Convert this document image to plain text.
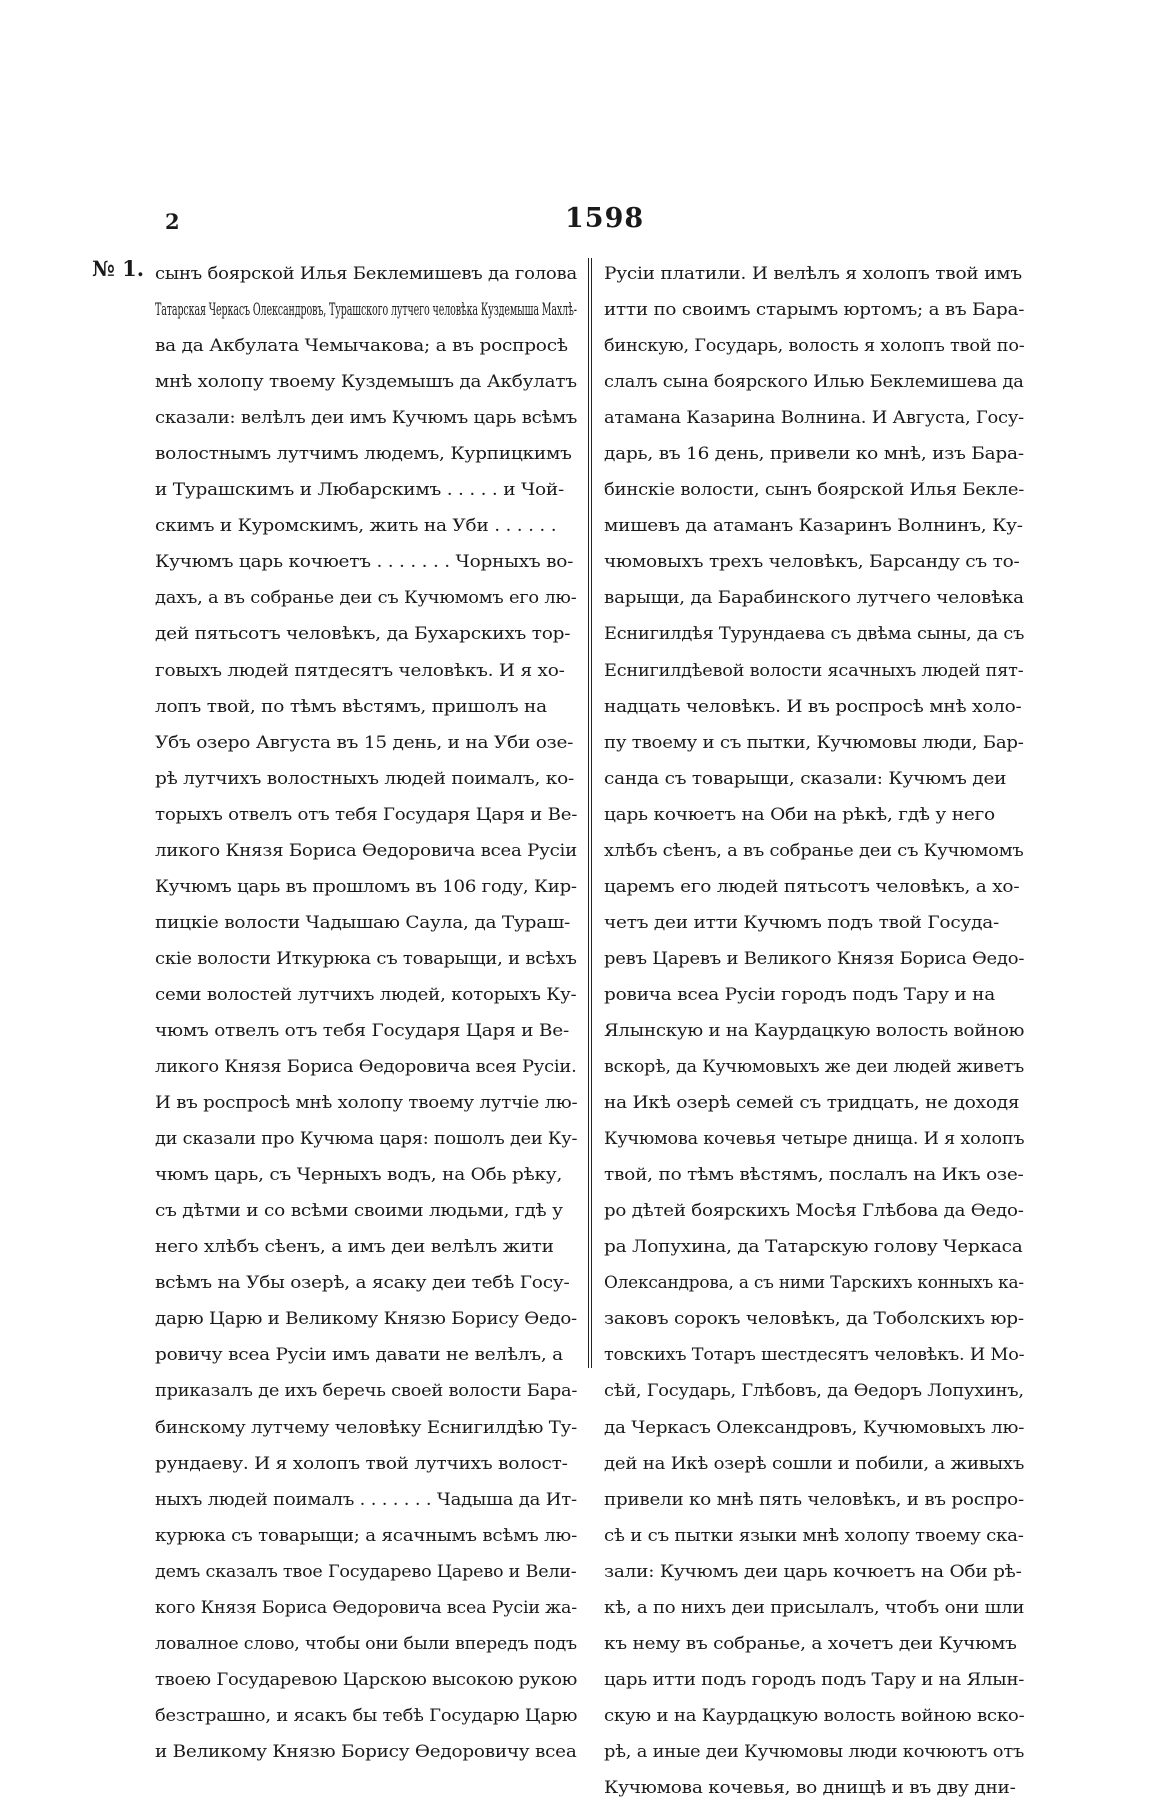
2	1598
№ 1. сынъ боярской Илья Беклемишевъ да голова
Татарская Черкасъ Олександровъ, Турашского лутчего человѣка Куздемыша Махлѣ-
ва да Акбулата Чемычакова; а въ роспросѣ
мнѣ холопу твоему Куздемышъ да Акбулатъ
сказали: велѣлъ деи имъ Кучюмъ царь всѣмъ
волостнымъ лутчимъ людемъ, Курпицкимъ
и Турашскимъ и Любарскимъ . . . . . и Чой-
скимъ и Куромскимъ, жить на Уби . . . . . .
Кучюмъ царь кочюетъ . . . . . . . Чорныхъ во-
дахъ, а въ собранье деи съ Кучюмомъ его лю-
дей пятьсотъ человѣкъ, да Бухарскихъ тор-
говыхъ людей пятдесятъ человѣкъ. И я хо-
лопъ твой, по тѣмъ вѣстямъ, пришолъ на
Убъ озеро Августа въ 15 день, и на Уби озе-
рѣ лутчихъ волостныхъ людей поималъ, ко-
торыхъ отвелъ отъ тебя Государя Царя и Ве-
ликого Князя Бориса Ѳедоровича всеа Русіи
Кучюмъ царь въ прошломъ въ 106 году, Кир-
пицкіе волости Чадышаю Саула, да Тураш-
скіе волости Иткурюка съ товарыщи, и всѣхъ
семи волостей лутчихъ людей, которыхъ Ку-
чюмъ отвелъ отъ тебя Государя Царя и Ве-
ликого Князя Бориса Ѳедоровича всея Русіи.
И въ роспросѣ мнѣ холопу твоему лутчіе лю-
ди сказали про Кучюма царя: пошолъ деи Ку-
чюмъ царь, съ Черныхъ водъ, на Обь рѣку,
съ дѣтми и со всѣми своими людьми, гдѣ у
него хлѣбъ сѣенъ, а имъ деи велѣлъ жити
всѣмъ на Убы озерѣ, а ясаку деи тебѣ Госу-
дарю Царю и Великому Князю Борису Ѳедо-
ровичу всеа Русіи имъ давати не велѣлъ, а
приказалъ де ихъ беречь своей волости Бара-
бинскому лутчему человѣку Еснигилдѣю Ту-
рундаеву. И я холопъ твой лутчихъ волост-
ныхъ людей поималъ . . . . . . . Чадыша да Ит-
курюка съ товарыщи; а ясачнымъ всѣмъ лю-
демъ сказалъ твое Государево Царево и Вели-
кого Князя Бориса Ѳедоровича всеа Русіи жа-
ловалное слово, чтобы они были впередъ подъ
твоею Государевою Царскою высокою рукою
безстрашно, и ясакъ бы тебѣ Государю Царю
и Великому Князю Борису Ѳедоровичу всеа
Русіи платили. И велѣлъ я холопъ твой имъ
итти по своимъ старымъ юртомъ; а въ Бара-
бинскую, Государь, волость я холопъ твой по-
слалъ сына боярского Илью Беклемишева да
атамана Казарина Волнина. И Августа, Госу-
дарь, въ 16 день, привели ко мнѣ, изъ Бара-
бинскіе волости, сынъ боярской Илья Бекле-
мишевъ да атаманъ Казаринъ Волнинъ, Ку-
чюмовыхъ трехъ человѣкъ, Барсанду съ то-
варыщи, да Барабинского лутчего человѣка
Еснигилдѣя Турундаева съ двѣма сыны, да съ
Еснигилдѣевой волости ясачныхъ людей пят-
надцать человѣкъ. И въ роспросѣ мнѣ холо-
пу твоему и съ пытки, Кучюмовы люди, Бар-
санда съ товарыщи, сказали: Кучюмъ деи
царь кочюетъ на Оби на рѣкѣ, гдѣ у него
хлѣбъ сѣенъ, а въ собранье деи съ Кучюмомъ
царемъ его людей пятьсотъ человѣкъ, а хо-
четъ деи итти Кучюмъ подъ твой Госуда-
ревъ Царевъ и Великого Князя Бориса Ѳедо-
ровича всеа Русіи городъ подъ Тару и на
Ялынскую и на Каурдацкую волость войною
вскорѣ, да Кучюмовыхъ же деи людей живетъ
на Икѣ озерѣ семей съ тридцать, не доходя
Кучюмова кочевья четыре днища. И я холопъ
твой, по тѣмъ вѣстямъ, послалъ на Икъ озе-
ро дѣтей боярскихъ Мосѣя Глѣбова да Ѳедо-
ра Лопухина, да Татарскую голову Черкаса
Олександрова, а съ ними Тарскихъ конныхъ ка-
заковъ сорокъ человѣкъ, да Тоболскихъ юр-
товскихъ Тотаръ шестдесятъ человѣкъ. И Мо-
сѣй, Государь, Глѣбовъ, да Ѳедоръ Лопухинъ,
да Черкасъ Олександровъ, Кучюмовыхъ лю-
дей на Икѣ озерѣ сошли и побили, а живыхъ
привели ко мнѣ пять человѣкъ, и въ роспро-
сѣ и съ пытки языки мнѣ холопу твоему ска-
зали: Кучюмъ деи царь кочюетъ на Оби рѣ-
кѣ, а по нихъ деи присылалъ, чтобъ они шли
къ нему въ собранье, а хочетъ деи Кучюмъ
царь итти подъ городъ подъ Тару и на Ялын-
скую и на Каурдацкую волость войною вско-
рѣ, а иные деи Кучюмовы люди кочюютъ отъ
Кучюмова кочевья, во днищѣ и въ дву дни-
